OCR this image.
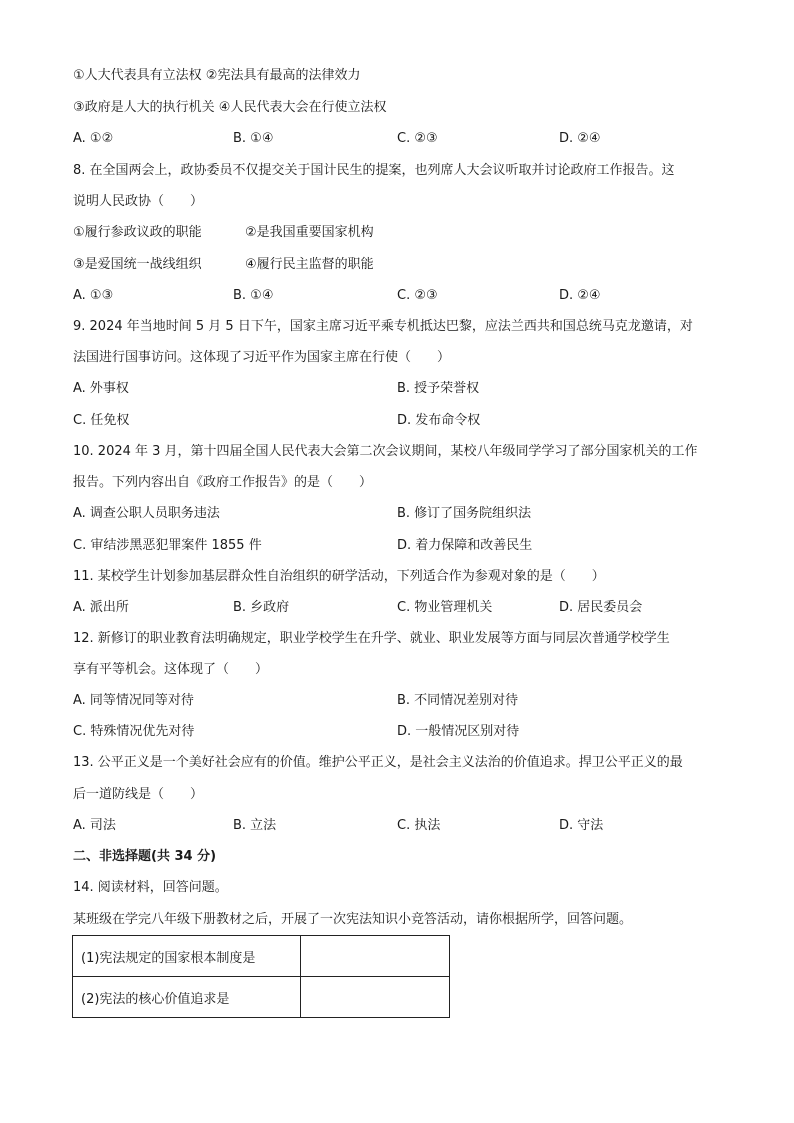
①人大代表具有立法权 ②宪法具有最高的法律效力
③政府是人大的执行机关 ④人民代表大会在行使立法权
A. ①②	B. ①④	C. ②③	D. ②④
8. 在全国两会上，政协委员不仅提交关于国计民生的提案，也列席人大会议听取并讨论政府工作报告。这
说明人民政协（　　）
①履行参政议政的职能	②是我国重要国家机构
③是爱国统一战线组织	④履行民主监督的职能
A. ①③	B. ①④	C. ②③	D. ②④
9. 2024 年当地时间 5 月 5 日下午，国家主席习近平乘专机抵达巴黎，应法兰西共和国总统马克龙邀请，对
法国进行国事访问。这体现了习近平作为国家主席在行使（　　）
A. 外事权	B. 授予荣誉权
C. 任免权	D. 发布命令权
10. 2024 年 3 月，第十四届全国人民代表大会第二次会议期间，某校八年级同学学习了部分国家机关的工作
报告。下列内容出自《政府工作报告》的是（　　）
A. 调查公职人员职务违法	B. 修订了国务院组织法
C. 审结涉黑恶犯罪案件 1855 件	D. 着力保障和改善民生
11. 某校学生计划参加基层群众性自治组织的研学活动，下列适合作为参观对象的是（　　）
A. 派出所	B. 乡政府	C. 物业管理机关	D. 居民委员会
12. 新修订的职业教育法明确规定，职业学校学生在升学、就业、职业发展等方面与同层次普通学校学生
享有平等机会。这体现了（　　）
A. 同等情况同等对待	B. 不同情况差别对待
C. 特殊情况优先对待	D. 一般情况区别对待
13. 公平正义是一个美好社会应有的价值。维护公平正义，是社会主义法治的价值追求。捍卫公平正义的最
后一道防线是（　　）
A. 司法	B. 立法	C. 执法	D. 守法
二、非选择题(共 34 分)
14. 阅读材料，回答问题。
某班级在学完八年级下册教材之后，开展了一次宪法知识小竞答活动，请你根据所学，回答问题。
(1)宪法规定的国家根本制度是	
(2)宪法的核心价值追求是	
